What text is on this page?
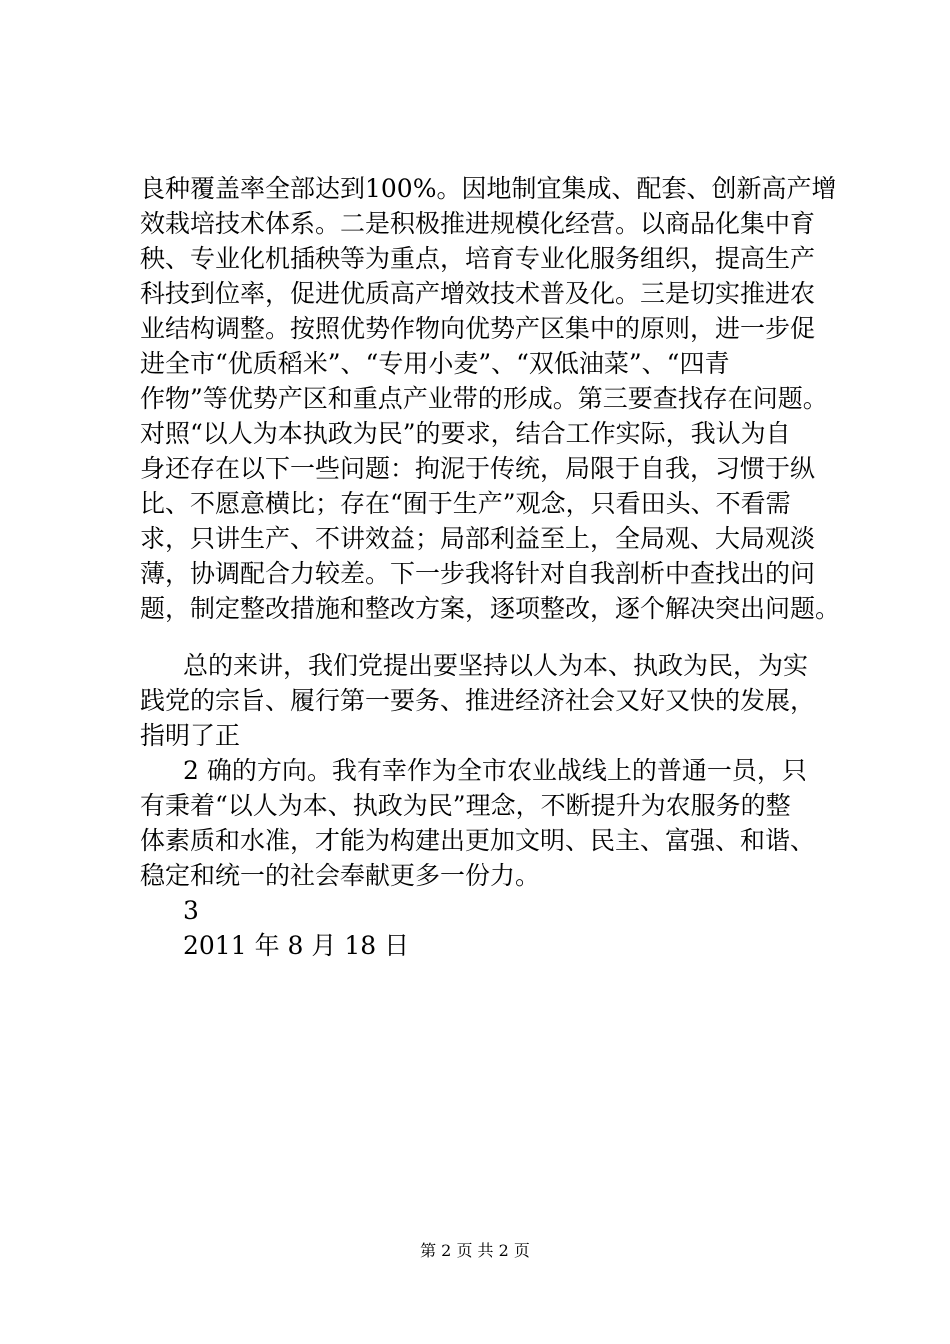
良种覆盖率全部达到100%。因地制宜集成、配套、创新高产增
效栽培技术体系。二是积极推进规模化经营。以商品化集中育
秧、专业化机插秧等为重点，培育专业化服务组织，提高生产
科技到位率，促进优质高产增效技术普及化。三是切实推进农
业结构调整。按照优势作物向优势产区集中的原则，进一步促
进全市“优质稻米”、“专用小麦”、“双低油菜”、“四青
作物”等优势产区和重点产业带的形成。第三要查找存在问题。
对照“以人为本执政为民”的要求，结合工作实际，我认为自
身还存在以下一些问题：拘泥于传统，局限于自我，习惯于纵
比、不愿意横比；存在“囿于生产”观念，只看田头、不看需
求，只讲生产、不讲效益；局部利益至上，全局观、大局观淡
薄，协调配合力较差。下一步我将针对自我剖析中查找出的问
题，制定整改措施和整改方案，逐项整改，逐个解决突出问题。
总的来讲，我们党提出要坚持以人为本、执政为民，为实
践党的宗旨、履行第一要务、推进经济社会又好又快的发展，
指明了正
2 确的方向。我有幸作为全市农业战线上的普通一员，只
有秉着“以人为本、执政为民”理念，不断提升为农服务的整
体素质和水准，才能为构建出更加文明、民主、富强、和谐、
稳定和统一的社会奉献更多一份力。
3
2011 年 8 月 18 日
第 2 页 共 2 页
